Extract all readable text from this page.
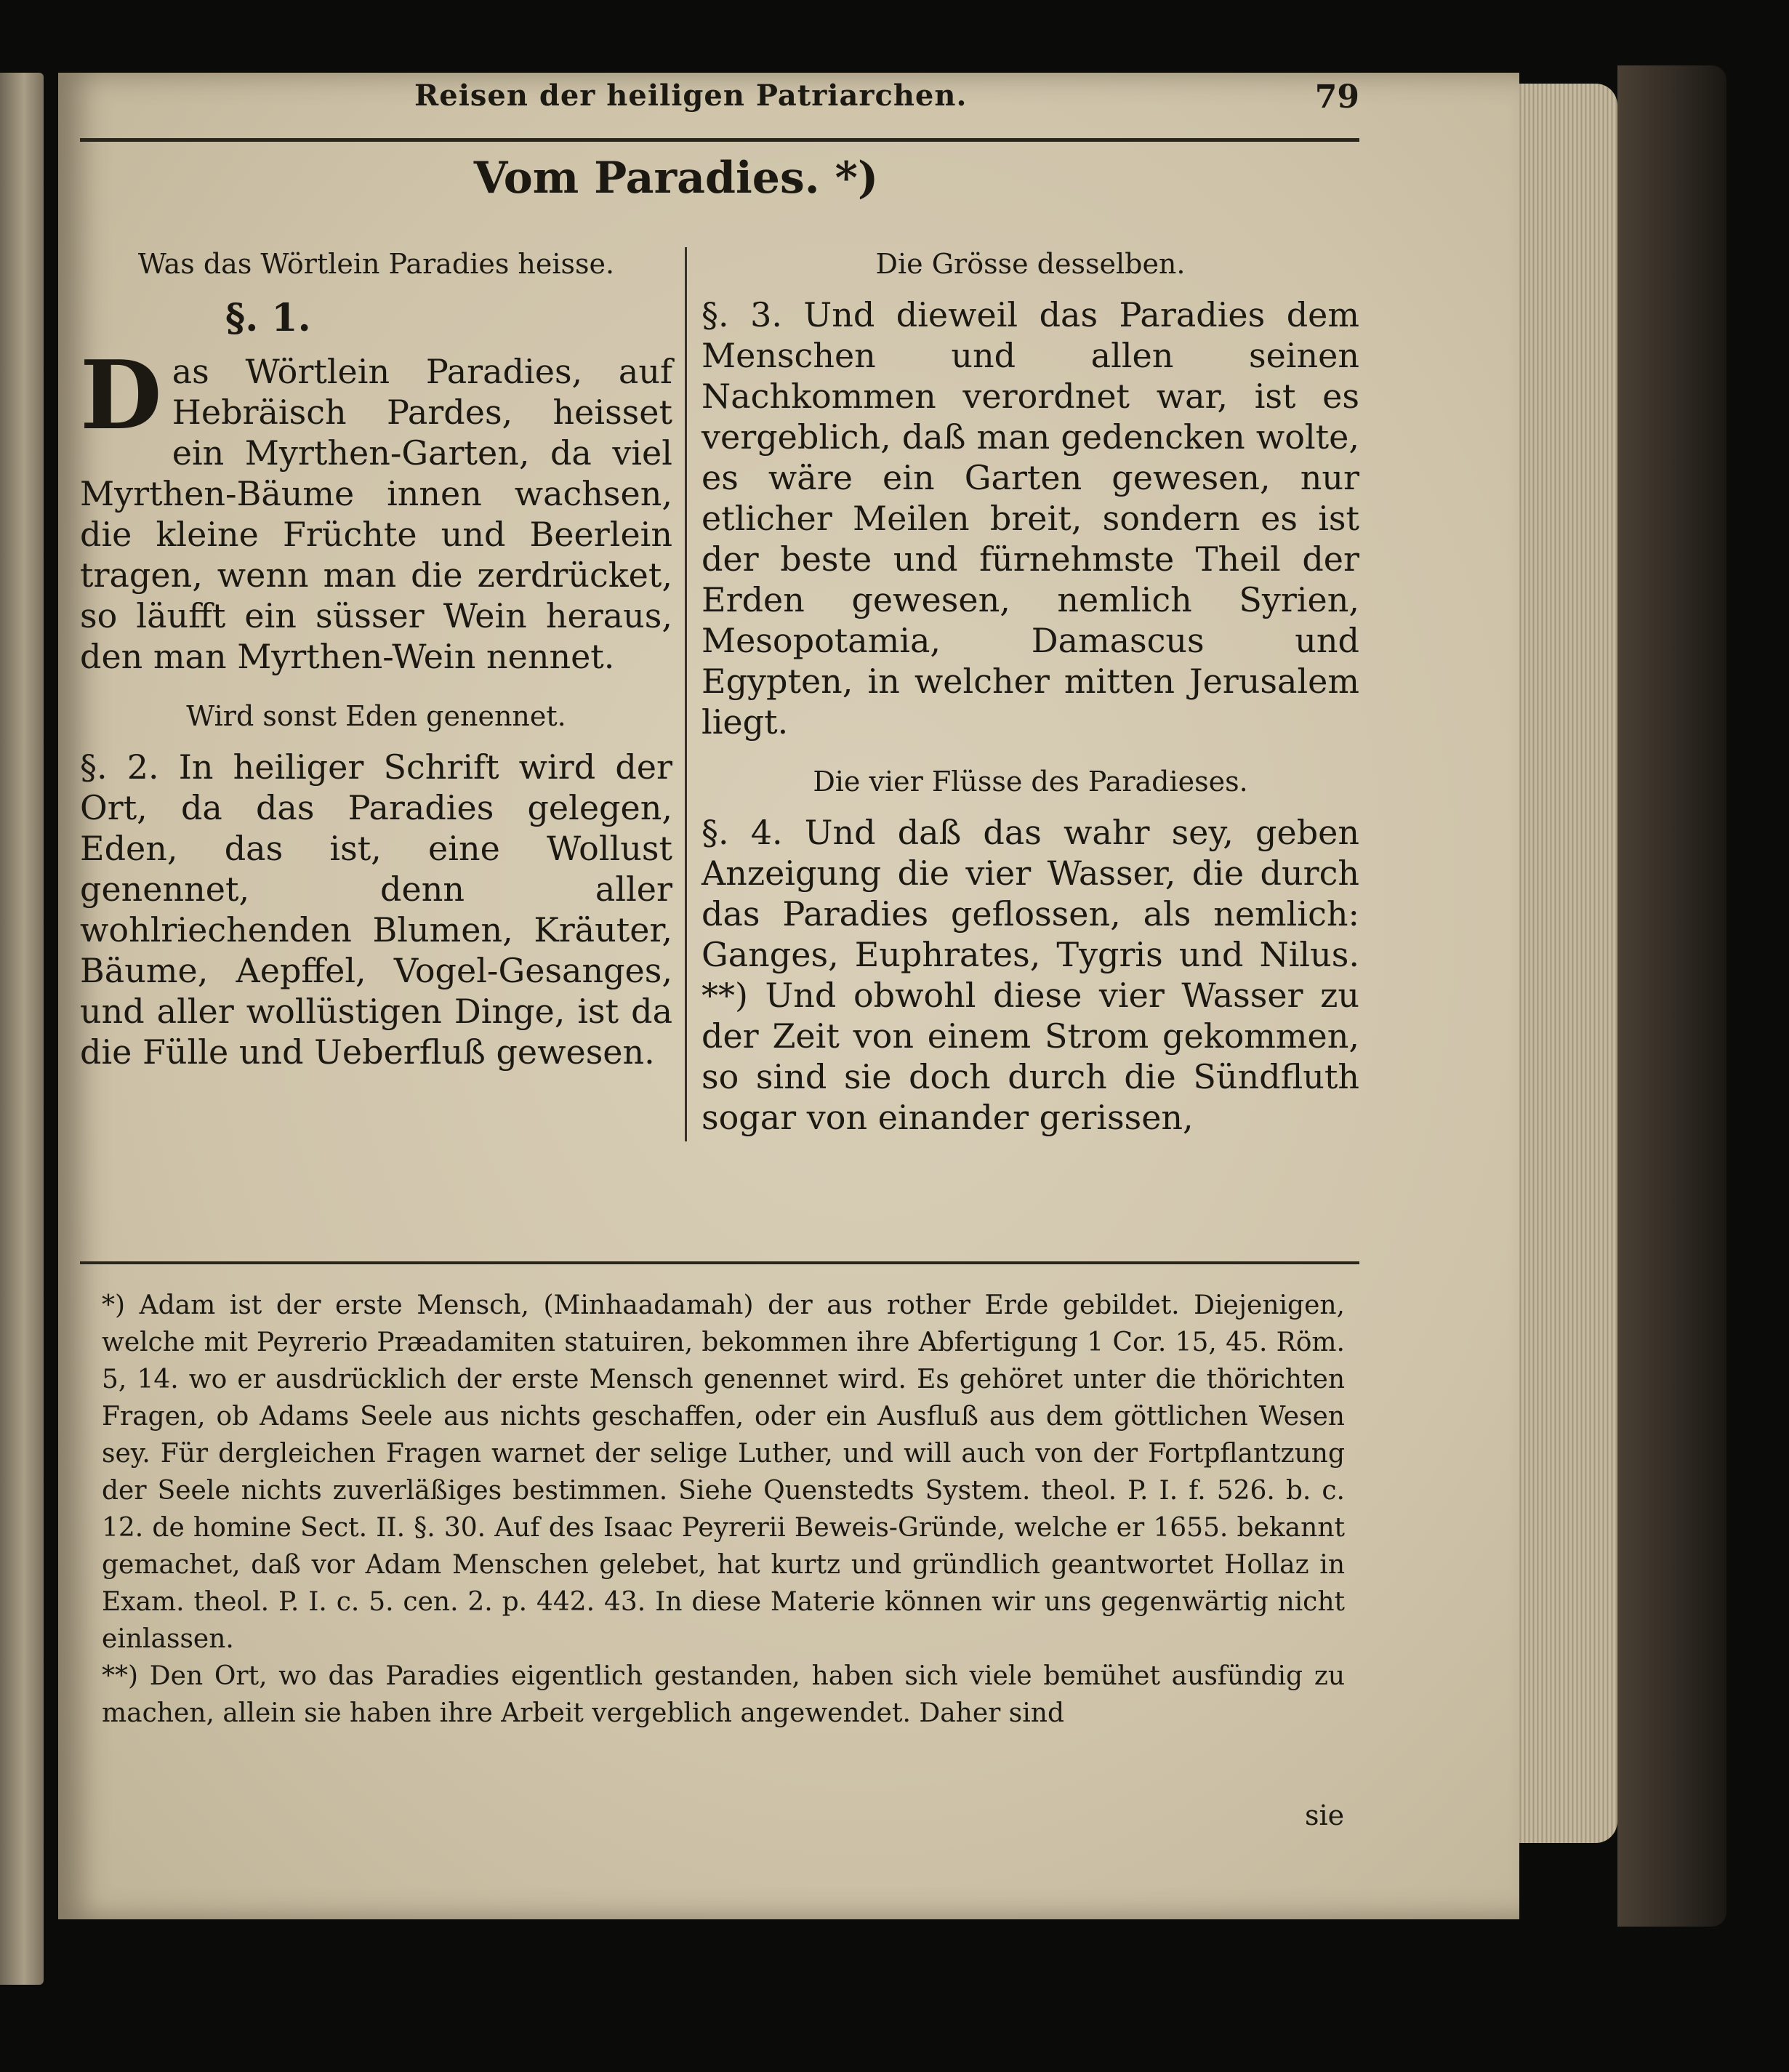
Reisen der heiligen Patriarchen.	79
Vom Paradies. *)

Was das Wörtlein Paradies heisse.

§. 1.

Das Wörtlein Paradies, auf Hebräisch Pardes, heisset ein Myrthen-Garten, da viel Myrthen-Bäume innen wachsen, die kleine Früchte und Beerlein tragen, wenn man die zerdrücket, so läufft ein süsser Wein heraus, den man Myrthen-Wein nennet.

Wird sonst Eden genennet.

§. 2. In heiliger Schrift wird der Ort, da das Paradies gelegen, Eden, das ist, eine Wollust genennet, denn aller wohlriechenden Blumen, Kräuter, Bäume, Aepffel, Vogel-Gesanges, und aller wollüstigen Dinge, ist da die Fülle und Ueberfluß gewesen.

Die Grösse desselben.

§. 3. Und dieweil das Paradies dem Menschen und allen seinen Nachkommen verordnet war, ist es vergeblich, daß man gedencken wolte, es wäre ein Garten gewesen, nur etlicher Meilen breit, sondern es ist der beste und fürnehmste Theil der Erden gewesen, nemlich Syrien, Mesopotamia, Damascus und Egypten, in welcher mitten Jerusalem liegt.

Die vier Flüsse des Paradieses.

§. 4. Und daß das wahr sey, geben Anzeigung die vier Wasser, die durch das Paradies geflossen, als nemlich: Ganges, Euphrates, Tygris und Nilus. **) Und obwohl diese vier Wasser zu der Zeit von einem Strom gekommen, so sind sie doch durch die Sündfluth sogar von einander gerissen,

*) Adam ist der erste Mensch, (Minhaadamah) der aus rother Erde gebildet. Diejenigen, welche mit Peyrerio Præadamiten statuiren, bekommen ihre Abfertigung 1 Cor. 15, 45. Röm. 5, 14. wo er ausdrücklich der erste Mensch genennet wird. Es gehöret unter die thörichten Fragen, ob Adams Seele aus nichts geschaffen, oder ein Ausfluß aus dem göttlichen Wesen sey. Für dergleichen Fragen warnet der selige Luther, und will auch von der Fortpflantzung der Seele nichts zuverläßiges bestimmen. Siehe Quenstedts System. theol. P. I. f. 526. b. c. 12. de homine Sect. II. §. 30. Auf des Isaac Peyrerii Beweis-Gründe, welche er 1655. bekannt gemachet, daß vor Adam Menschen gelebet, hat kurtz und gründlich geantwortet Hollaz in Exam. theol. P. I. c. 5. cen. 2. p. 442. 43. In diese Materie können wir uns gegenwärtig nicht einlassen.

**) Den Ort, wo das Paradies eigentlich gestanden, haben sich viele bemühet ausfündig zu machen, allein sie haben ihre Arbeit vergeblich angewendet. Daher sind

sie
